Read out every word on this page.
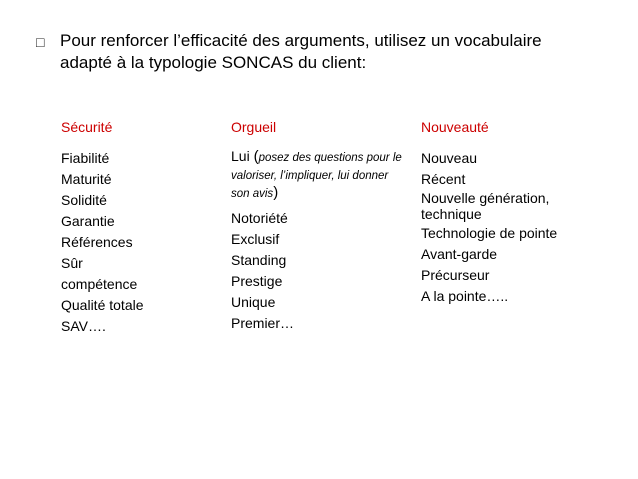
□ Pour renforcer l’efficacité des arguments, utilisez un vocabulaire adapté à la typologie SONCAS du client:
Sécurité
Fiabilité
Maturité
Solidité
Garantie
Références
Sûr
compétence
Qualité totale
SAV….
Orgueil
Lui (posez des questions pour le valoriser, l’impliquer, lui donner son avis)
Notoriété
Exclusif
Standing
Prestige
Unique
Premier…
Nouveauté
Nouveau
Récent
Nouvelle génération, technique
Technologie de pointe
Avant-garde
Précurseur
A la pointe…..
